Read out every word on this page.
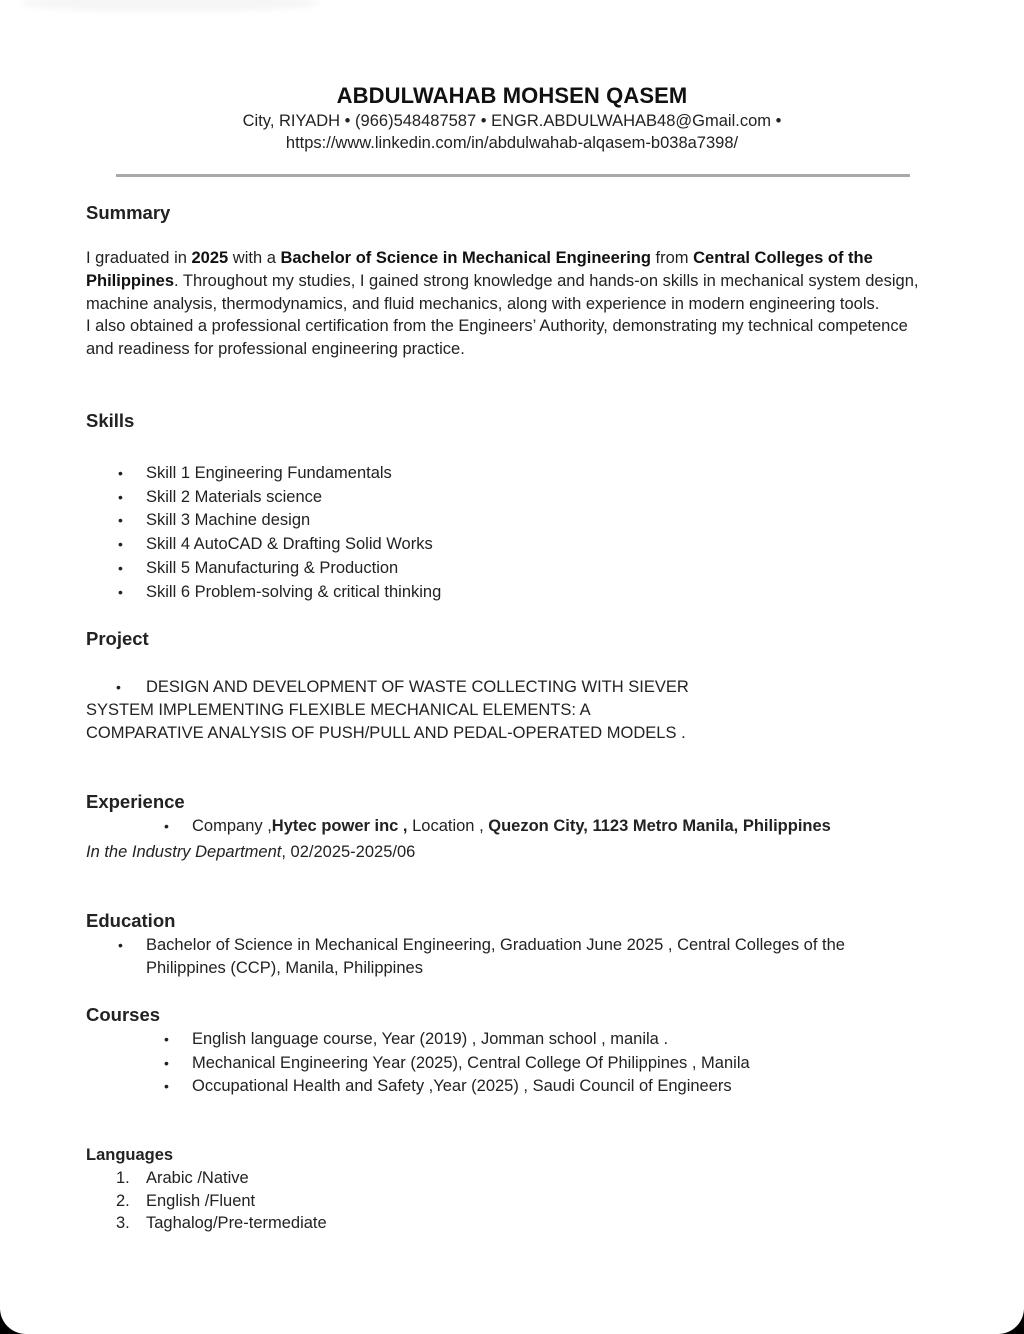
ABDULWAHAB MOHSEN QASEM
City, RIYADH • (966)548487587 • ENGR.ABDULWAHAB48@Gmail.com •
https://www.linkedin.com/in/abdulwahab-alqasem-b038a7398/
Summary
I graduated in 2025 with a Bachelor of Science in Mechanical Engineering from Central Colleges of the Philippines. Throughout my studies, I gained strong knowledge and hands-on skills in mechanical system design, machine analysis, thermodynamics, and fluid mechanics, along with experience in modern engineering tools.
I also obtained a professional certification from the Engineers’ Authority, demonstrating my technical competence and readiness for professional engineering practice.
Skills
• Skill 1 Engineering Fundamentals
• Skill 2 Materials science
• Skill 3 Machine design
• Skill 4 AutoCAD & Drafting Solid Works
• Skill 5 Manufacturing & Production
• Skill 6 Problem-solving & critical thinking
Project
•	DESIGN AND DEVELOPMENT OF WASTE COLLECTING WITH SIEVER
SYSTEM IMPLEMENTING FLEXIBLE MECHANICAL ELEMENTS: A
COMPARATIVE ANALYSIS OF PUSH/PULL AND PEDAL-OPERATED MODELS .
Experience
• Company ,Hytec power inc , Location , Quezon City, 1123 Metro Manila, Philippines
In the Industry Department, 02/2025-2025/06
Education
• Bachelor of Science in Mechanical Engineering, Graduation June 2025 , Central Colleges of the
Philippines (CCP), Manila, Philippines
Courses
• English language course, Year (2019) , Jomman school , manila .
• Mechanical Engineering Year (2025), Central College Of Philippines , Manila
• Occupational Health and Safety ,Year (2025) , Saudi Council of Engineers
Languages
1. Arabic /Native
2. English /Fluent
3. Taghalog/Pre-termediate
